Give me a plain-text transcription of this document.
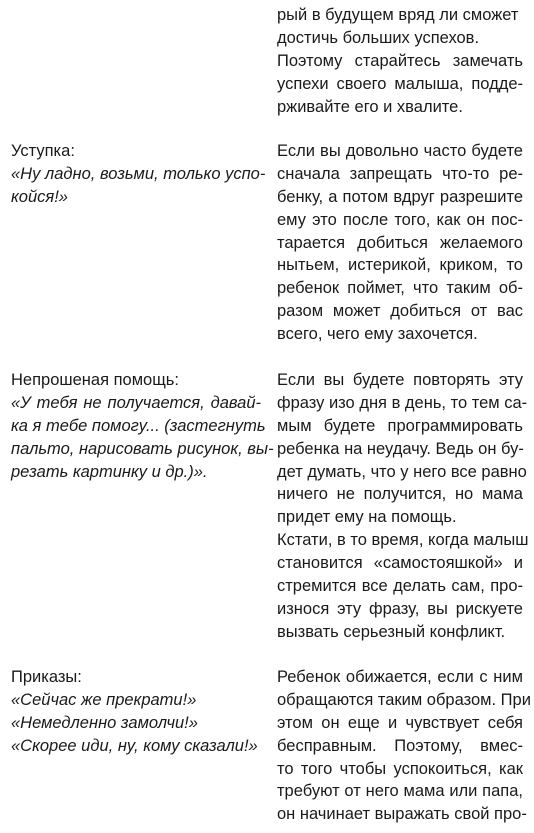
рый в будущем вряд ли сможет
достичь больших успехов.
Поэтому старайтесь замечать
успехи своего малыша, подде-
рживайте его и хвалите.
Уступка:
«Ну ладно, возьми, только успо-
койся!»
Если вы довольно часто будете
сначала запрещать что-то ре-
бенку, а потом вдруг разрешите
ему это после того, как он пос-
тарается добиться желаемого
нытьем, истерикой, криком, то
ребенок поймет, что таким об-
разом может добиться от вас
всего, чего ему захочется.
Непрошеная помощь:
«У тебя не получается, давай-
ка я тебе помогу... (застегнуть
пальто, нарисовать рисунок, вы-
резать картинку и др.)».
Если вы будете повторять эту
фразу изо дня в день, то тем са-
мым будете программировать
ребенка на неудачу. Ведь он бу-
дет думать, что у него все равно
ничего не получится, но мама
придет ему на помощь.
Кстати, в то время, когда малыш
становится «самостояшкой» и
стремится все делать сам, про-
износя эту фразу, вы рискуете
вызвать серьезный конфликт.
Приказы:
«Сейчас же прекрати!»
«Немедленно замолчи!»
«Скорее иди, ну, кому сказали!»
Ребенок обижается, если с ним
обращаются таким образом. При
этом он еще и чувствует себя
бесправным. Поэтому, вмес-
то того чтобы успокоиться, как
требуют от него мама или папа,
он начинает выражать свой про-
